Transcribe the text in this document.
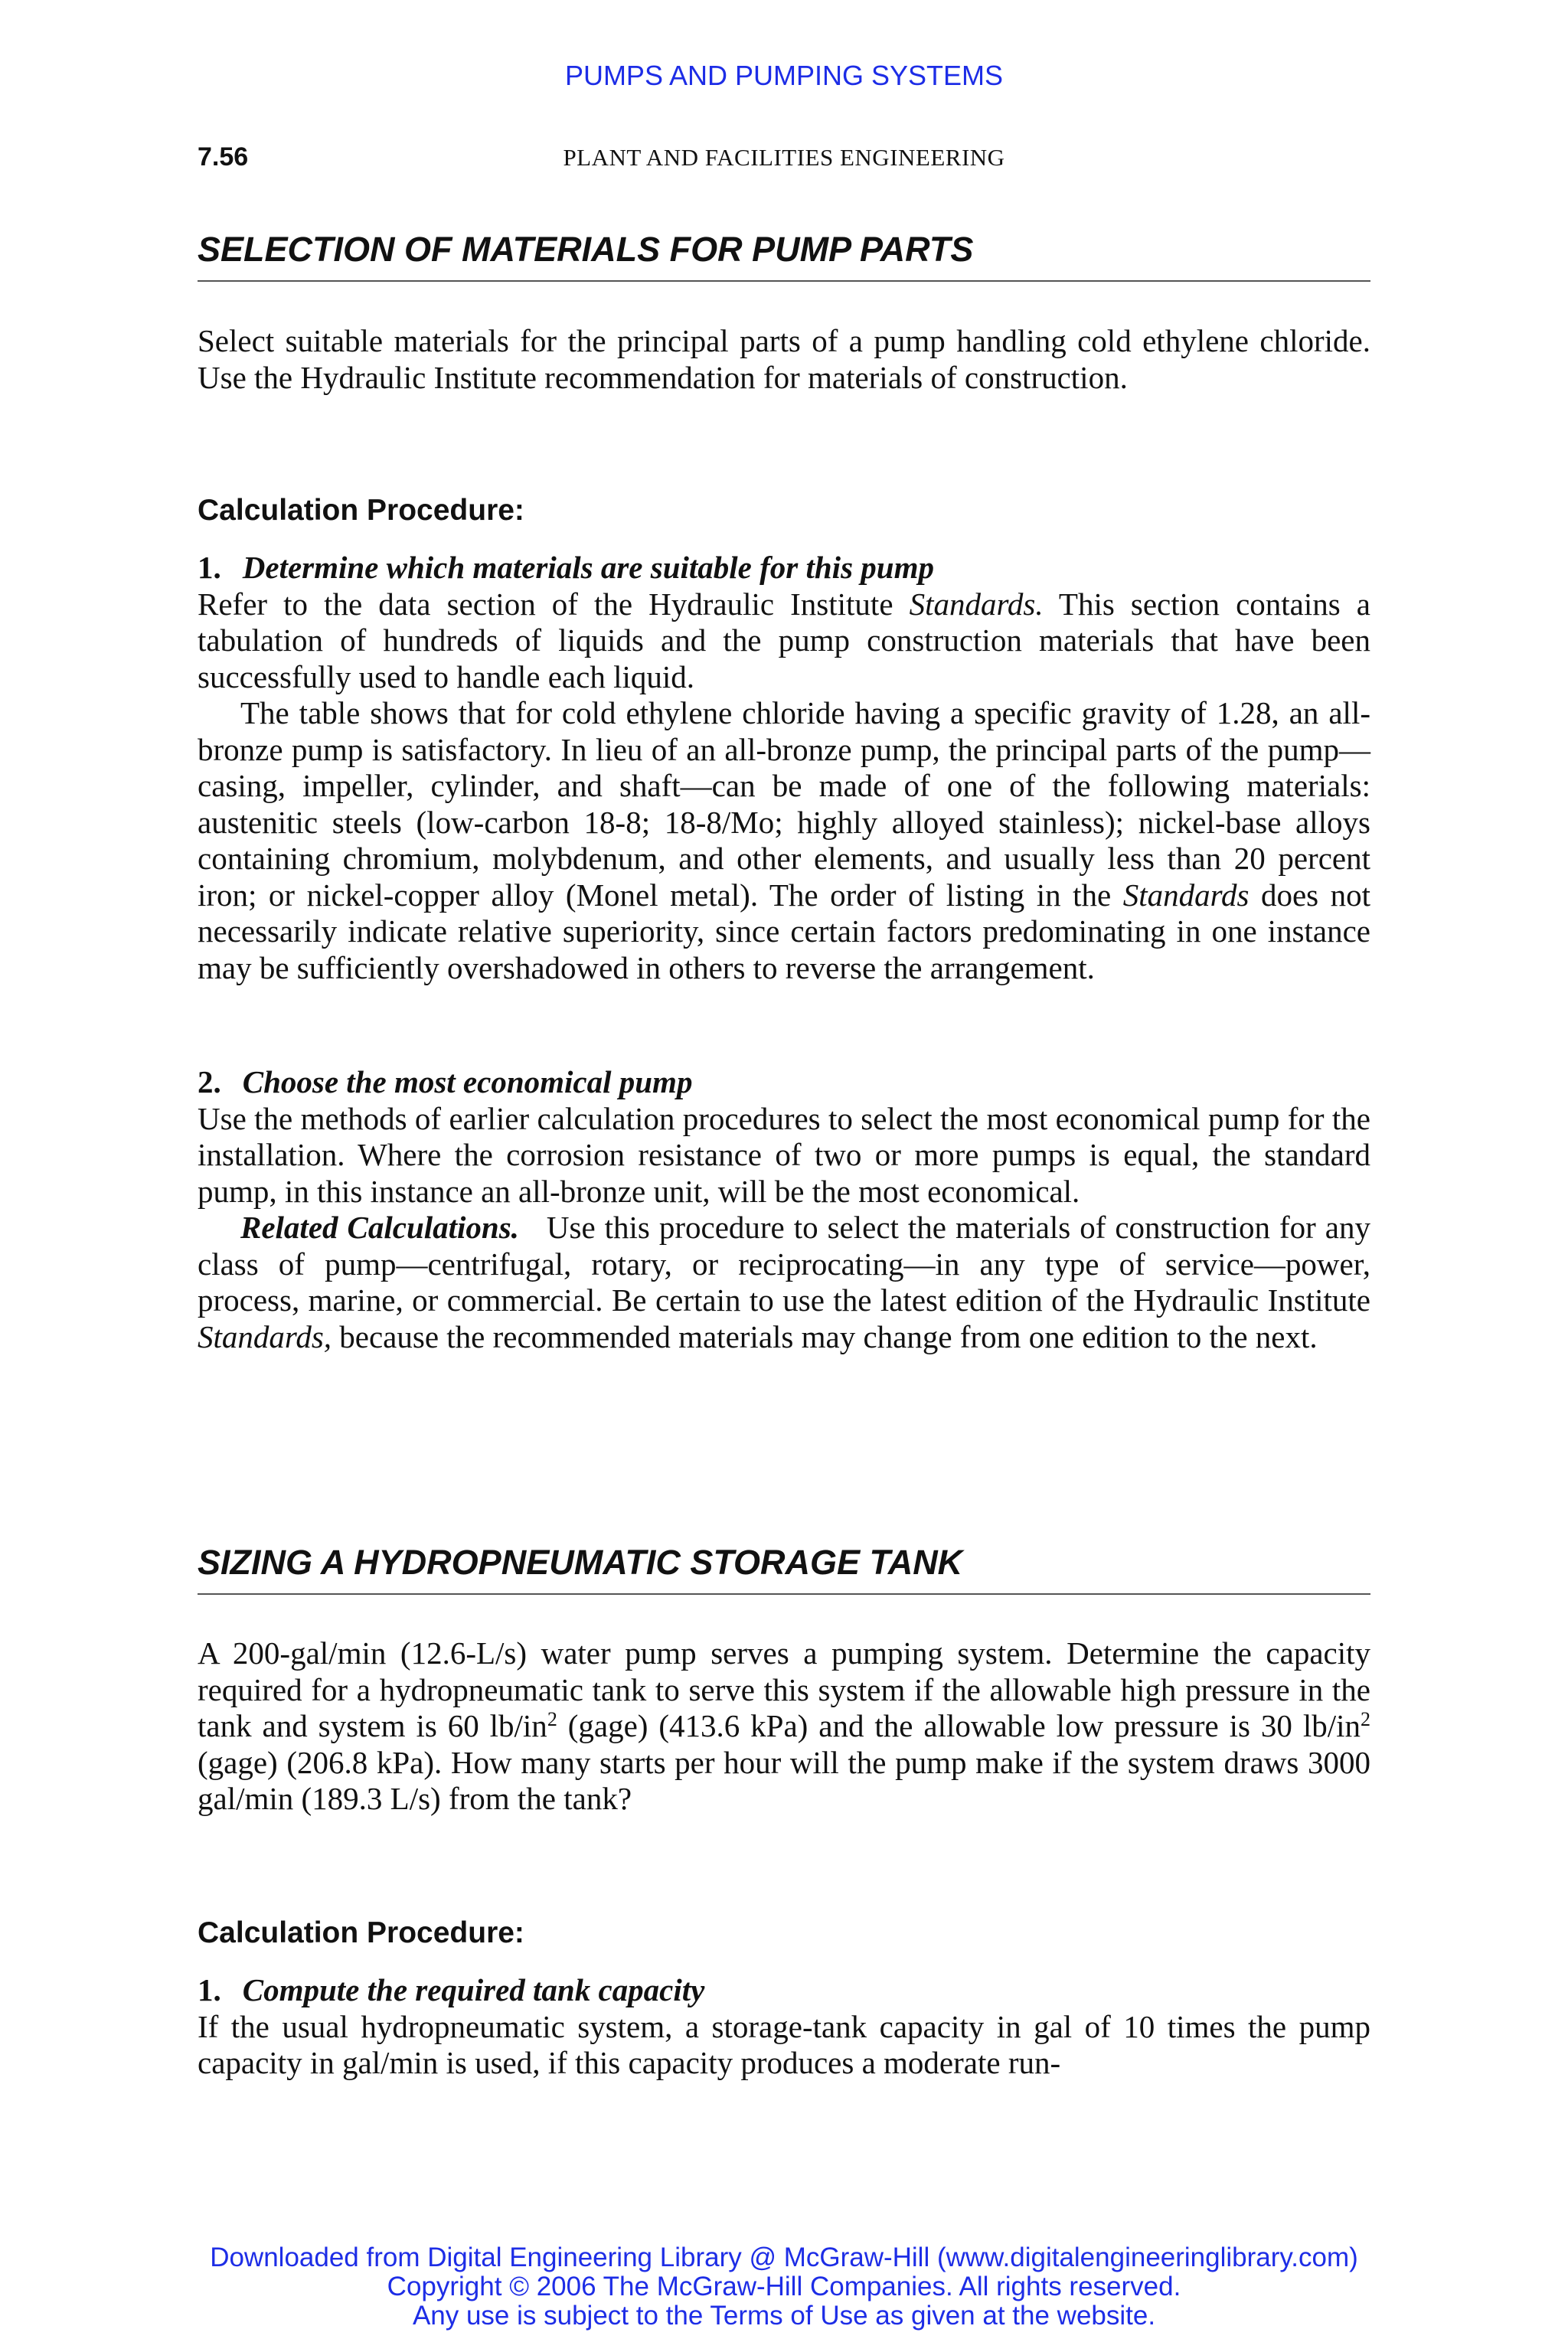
PUMPS AND PUMPING SYSTEMS
7.56	PLANT AND FACILITIES ENGINEERING
SELECTION OF MATERIALS FOR PUMP PARTS

Select suitable materials for the principal parts of a pump handling cold ethylene chloride. Use the Hydraulic Institute recommendation for materials of construction.

Calculation Procedure:

1. Determine which materials are suitable for this pump

Refer to the data section of the Hydraulic Institute Standards. This section contains a tabulation of hundreds of liquids and the pump construction materials that have been successfully used to handle each liquid.

The table shows that for cold ethylene chloride having a specific gravity of 1.28, an all-bronze pump is satisfactory. In lieu of an all-bronze pump, the principal parts of the pump—casing, impeller, cylinder, and shaft—can be made of one of the following materials: austenitic steels (low-carbon 18-8; 18-8/Mo; highly alloyed stainless); nickel-base alloys containing chromium, molybdenum, and other elements, and usually less than 20 percent iron; or nickel-copper alloy (Monel metal). The order of listing in the Standards does not necessarily indicate relative superiority, since certain factors predominating in one instance may be sufficiently overshadowed in others to reverse the arrangement.

2. Choose the most economical pump

Use the methods of earlier calculation procedures to select the most economical pump for the installation. Where the corrosion resistance of two or more pumps is equal, the standard pump, in this instance an all-bronze unit, will be the most economical.

Related Calculations. Use this procedure to select the materials of construction for any class of pump—centrifugal, rotary, or reciprocating—in any type of service—power, process, marine, or commercial. Be certain to use the latest edition of the Hydraulic Institute Standards, because the recommended materials may change from one edition to the next.

SIZING A HYDROPNEUMATIC STORAGE TANK

A 200-gal/min (12.6-L/s) water pump serves a pumping system. Determine the capacity required for a hydropneumatic tank to serve this system if the allowable high pressure in the tank and system is 60 $lb/in^2$ (gage) (413.6 kPa) and the allowable low pressure is 30 $lb/in^2$ (gage) (206.8 kPa). How many starts per hour will the pump make if the system draws 3000 gal/min (189.3 L/s) from the tank?

Calculation Procedure:

1. Compute the required tank capacity

If the usual hydropneumatic system, a storage-tank capacity in gal of 10 times the pump capacity in gal/min is used, if this capacity produces a moderate run-

Downloaded from Digital Engineering Library @ McGraw-Hill (www.digitalengineeringlibrary.com)
Copyright © 2006 The McGraw-Hill Companies. All rights reserved.
Any use is subject to the Terms of Use as given at the website.
